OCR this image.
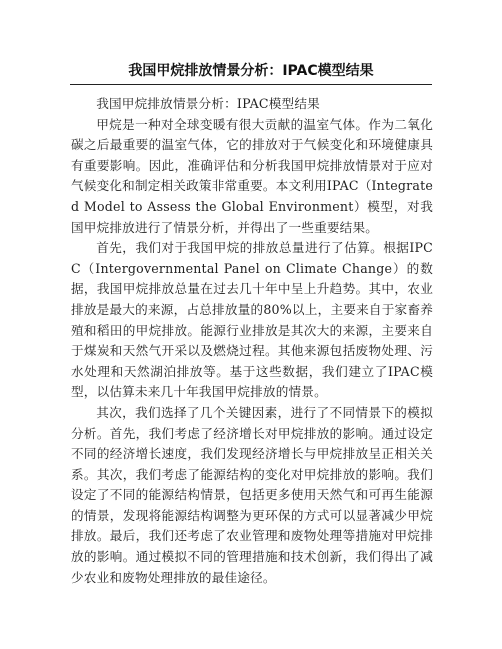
我国甲烷排放情景分析：IPAC模型结果

我国甲烷排放情景分析：IPAC模型结果

甲烷是一种对全球变暖有很大贡献的温室气体。作为二氧化碳之后最重要的温室气体，它的排放对于气候变化和环境健康具有重要影响。因此，准确评估和分析我国甲烷排放情景对于应对气候变化和制定相关政策非常重要。本文利用IPAC（Integrated Model to Assess the Global Environment）模型，对我国甲烷排放进行了情景分析，并得出了一些重要结果。

首先，我们对于我国甲烷的排放总量进行了估算。根据IPCC（Intergovernmental Panel on Climate Change）的数据，我国甲烷排放总量在过去几十年中呈上升趋势。其中，农业排放是最大的来源，占总排放量的80%以上，主要来自于家畜养殖和稻田的甲烷排放。能源行业排放是其次大的来源，主要来自于煤炭和天然气开采以及燃烧过程。其他来源包括废物处理、污水处理和天然湖泊排放等。基于这些数据，我们建立了IPAC模型，以估算未来几十年我国甲烷排放的情景。

其次，我们选择了几个关键因素，进行了不同情景下的模拟分析。首先，我们考虑了经济增长对甲烷排放的影响。通过设定不同的经济增长速度，我们发现经济增长与甲烷排放呈正相关关系。其次，我们考虑了能源结构的变化对甲烷排放的影响。我们设定了不同的能源结构情景，包括更多使用天然气和可再生能源的情景，发现将能源结构调整为更环保的方式可以显著减少甲烷排放。最后，我们还考虑了农业管理和废物处理等措施对甲烷排放的影响。通过模拟不同的管理措施和技术创新，我们得出了减少农业和废物处理排放的最佳途径。
